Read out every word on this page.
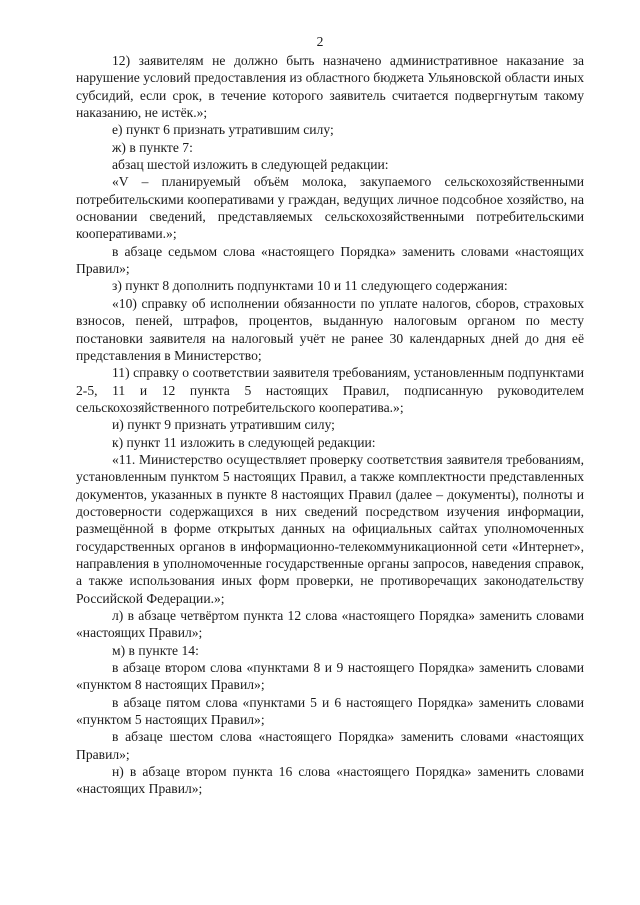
2

12) заявителям не должно быть назначено административное наказание за нарушение условий предоставления из областного бюджета Ульяновской области иных субсидий, если срок, в течение которого заявитель считается подвергнутым такому наказанию, не истёк.»;

е) пункт 6 признать утратившим силу;

ж) в пункте 7:

абзац шестой изложить в следующей редакции:

«V – планируемый объём молока, закупаемого сельскохозяйственными потребительскими кооперативами у граждан, ведущих личное подсобное хозяйство, на основании сведений, представляемых сельскохозяйственными потребительскими кооперативами.»;

в абзаце седьмом слова «настоящего Порядка» заменить словами «настоящих Правил»;

з) пункт 8 дополнить подпунктами 10 и 11 следующего содержания:

«10) справку об исполнении обязанности по уплате налогов, сборов, страховых взносов, пеней, штрафов, процентов, выданную налоговым органом по месту постановки заявителя на налоговый учёт не ранее 30 календарных дней до дня её представления в Министерство;

11) справку о соответствии заявителя требованиям, установленным подпунктами 2-5, 11 и 12 пункта 5 настоящих Правил, подписанную руководителем сельскохозяйственного потребительского кооператива.»;

и) пункт 9 признать утратившим силу;

к) пункт 11 изложить в следующей редакции:

«11. Министерство осуществляет проверку соответствия заявителя требованиям, установленным пунктом 5 настоящих Правил, а также комплектности представленных документов, указанных в пункте 8 настоящих Правил (далее – документы), полноты и достоверности содержащихся в них сведений посредством изучения информации, размещённой в форме открытых данных на официальных сайтах уполномоченных государственных органов в информационно-телекоммуникационной сети «Интернет», направления в уполномоченные государственные органы запросов, наведения справок, а также использования иных форм проверки, не противоречащих законодательству Российской Федерации.»;

л) в абзаце четвёртом пункта 12 слова «настоящего Порядка» заменить словами «настоящих Правил»;

м) в пункте 14:

в абзаце втором слова «пунктами 8 и 9 настоящего Порядка» заменить словами «пунктом 8 настоящих Правил»;

в абзаце пятом слова «пунктами 5 и 6 настоящего Порядка» заменить словами «пунктом 5 настоящих Правил»;

в абзаце шестом слова «настоящего Порядка» заменить словами «настоящих Правил»;

н) в абзаце втором пункта 16 слова «настоящего Порядка» заменить словами «настоящих Правил»;
